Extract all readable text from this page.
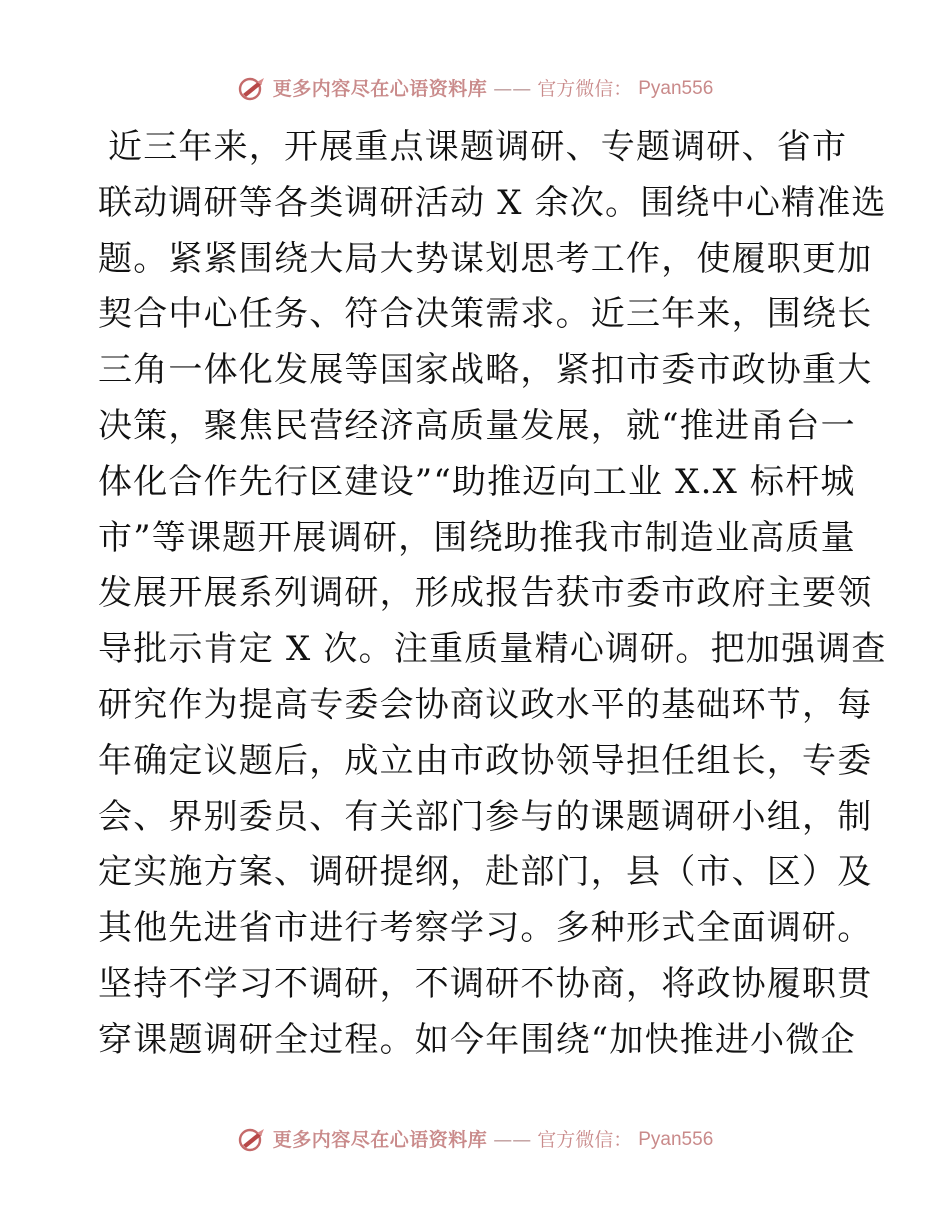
更多内容尽在心语资料库 —— 官方微信： Pyan556
近三年来，开展重点课题调研、专题调研、省市
联动调研等各类调研活动 X 余次。围绕中心精准选
题。紧紧围绕大局大势谋划思考工作，使履职更加
契合中心任务、符合决策需求。近三年来，围绕长
三角一体化发展等国家战略，紧扣市委市政协重大
决策，聚焦民营经济高质量发展，就“推进甬台一
体化合作先行区建设”“助推迈向工业 X.X 标杆城
市”等课题开展调研，围绕助推我市制造业高质量
发展开展系列调研，形成报告获市委市政府主要领
导批示肯定 X 次。注重质量精心调研。把加强调查
研究作为提高专委会协商议政水平的基础环节，每
年确定议题后，成立由市政协领导担任组长，专委
会、界别委员、有关部门参与的课题调研小组，制
定实施方案、调研提纲，赴部门，县（市、区）及
其他先进省市进行考察学习。多种形式全面调研。
坚持不学习不调研，不调研不协商，将政协履职贯
穿课题调研全过程。如今年围绕“加快推进小微企
更多内容尽在心语资料库 —— 官方微信： Pyan556
